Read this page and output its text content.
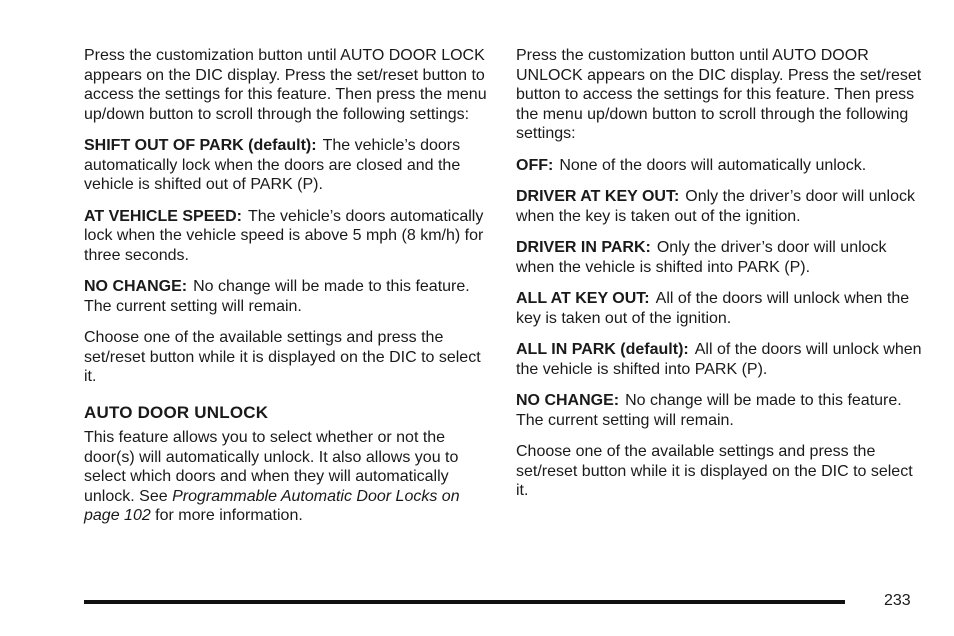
Press the customization button until AUTO DOOR LOCK appears on the DIC display. Press the set/reset button to access the settings for this feature. Then press the menu up/down button to scroll through the following settings:

SHIFT OUT OF PARK (default): The vehicle’s doors automatically lock when the doors are closed and the vehicle is shifted out of PARK (P).

AT VEHICLE SPEED: The vehicle’s doors automatically lock when the vehicle speed is above 5 mph (8 km/h) for three seconds.

NO CHANGE: No change will be made to this feature. The current setting will remain.

Choose one of the available settings and press the set/reset button while it is displayed on the DIC to select it.

AUTO DOOR UNLOCK

This feature allows you to select whether or not the door(s) will automatically unlock. It also allows you to select which doors and when they will automatically unlock. See Programmable Automatic Door Locks on page 102 for more information.

Press the customization button until AUTO DOOR UNLOCK appears on the DIC display. Press the set/reset button to access the settings for this feature. Then press the menu up/down button to scroll through the following settings:

OFF: None of the doors will automatically unlock.

DRIVER AT KEY OUT: Only the driver’s door will unlock when the key is taken out of the ignition.

DRIVER IN PARK: Only the driver’s door will unlock when the vehicle is shifted into PARK (P).

ALL AT KEY OUT: All of the doors will unlock when the key is taken out of the ignition.

ALL IN PARK (default): All of the doors will unlock when the vehicle is shifted into PARK (P).

NO CHANGE: No change will be made to this feature. The current setting will remain.

Choose one of the available settings and press the set/reset button while it is displayed on the DIC to select it.

233
